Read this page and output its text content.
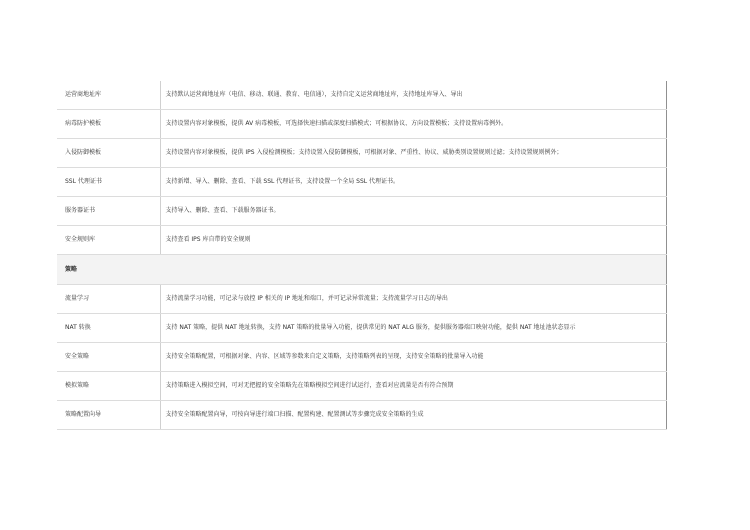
运营商地址库	支持默认运营商地址库（电信、移动、联通、教育、电信通），支持自定义运营商地址库，支持地址库导入、导出
病毒防护模板	支持设置内容对象模板，提供 AV 病毒模板，可选择快速扫描或深度扫描模式；可根据协议、方向设置模板；支持设置病毒例外。
入侵防御模板	支持设置内容对象模板，提供 IPS 入侵检测模板；支持设置入侵防御模板，可根据对象、严重性、协议、威胁类别设置规则过滤；支持设置规则例外；
SSL 代理证书	支持新增、导入、删除、查看、下载 SSL 代理证书，支持设置一个全局 SSL 代理证书。
服务器证书	支持导入、删除、查看、下载服务器证书。
安全规则库	支持查看 IPS 库自带的安全规则
策略	
流量学习	支持流量学习功能，可记录与放控 IP 相关的 IP 地址和端口，并可记录异常流量；支持流量学习日志的导出
NAT 转换	支持 NAT 策略，提供 NAT 地址转换，支持 NAT 策略的批量导入功能，提供常见的 NAT ALG 服务，提供服务器端口映射功能，提供 NAT 地址池状态显示
安全策略	支持安全策略配置，可根据对象、内容、区域等参数来自定义策略，支持策略列表的呈现，支持安全策略的批量导入功能
模拟策略	支持策略进入模拟空间，可对无把握的安全策略先在策略模拟空间进行试运行，查看对应流量是否有符合预期
策略配置向导	支持安全策略配置向导，可按向导进行端口扫描、配置构建、配置测试等步骤完成安全策略的生成
